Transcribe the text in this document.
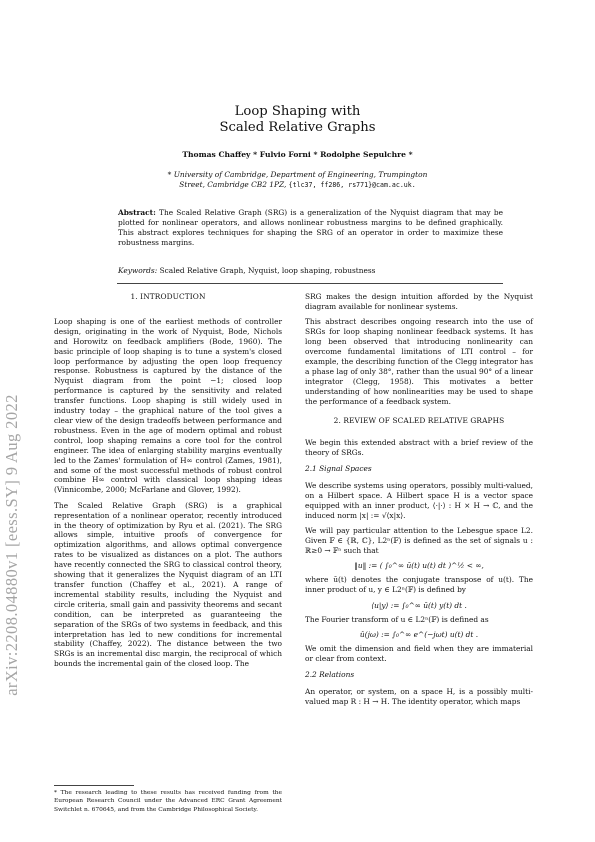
arXiv:2208.04880v1 [eess.SY] 9 Aug 2022
Loop Shaping with
Scaled Relative Graphs
Thomas Chaffey * Fulvio Forni * Rodolphe Sepulchre *
* University of Cambridge, Department of Engineering, Trumpington
Street, Cambridge CB2 1PZ, {tlc37, ff286, rs771}@cam.ac.uk.
Abstract: The Scaled Relative Graph (SRG) is a generalization of the Nyquist diagram that may be plotted for nonlinear operators, and allows nonlinear robustness margins to be defined graphically. This abstract explores techniques for shaping the SRG of an operator in order to maximize these robustness margins.
Keywords: Scaled Relative Graph, Nyquist, loop shaping, robustness
1. INTRODUCTION

Loop shaping is one of the earliest methods of controller design, originating in the work of Nyquist, Bode, Nichols and Horowitz on feedback amplifiers (Bode, 1960). The basic principle of loop shaping is to tune a system's closed loop performance by adjusting the open loop frequency response. Robustness is captured by the distance of the Nyquist diagram from the point −1; closed loop performance is captured by the sensitivity and related transfer functions. Loop shaping is still widely used in industry today – the graphical nature of the tool gives a clear view of the design tradeoffs between performance and robustness. Even in the age of modern optimal and robust control, loop shaping remains a core tool for the control engineer. The idea of enlarging stability margins eventually led to the Zames' formulation of H∞ control (Zames, 1981), and some of the most successful methods of robust control combine H∞ control with classical loop shaping ideas (Vinnicombe, 2000; McFarlane and Glover, 1992).

The Scaled Relative Graph (SRG) is a graphical representation of a nonlinear operator, recently introduced in the theory of optimization by Ryu et al. (2021). The SRG allows simple, intuitive proofs of convergence for optimization algorithms, and allows optimal convergence rates to be visualized as distances on a plot. The authors have recently connected the SRG to classical control theory, showing that it generalizes the Nyquist diagram of an LTI transfer function (Chaffey et al., 2021). A range of incremental stability results, including the Nyquist and circle criteria, small gain and passivity theorems and secant condition, can be interpreted as guaranteeing the separation of the SRGs of two systems in feedback, and this interpretation has led to new conditions for incremental stability (Chaffey, 2022). The distance between the two SRGs is an incremental disc margin, the reciprocal of which bounds the incremental gain of the closed loop. The

* The research leading to these results has received funding from the European Research Council under the Advanced ERC Grant Agreement Switchlet n. 670645, and from the Cambridge Philosophical Society.

SRG makes the design intuition afforded by the Nyquist diagram available for nonlinear systems.

This abstract describes ongoing research into the use of SRGs for loop shaping nonlinear feedback systems. It has long been observed that introducing nonlinearity can overcome fundamental limitations of LTI control – for example, the describing function of the Clegg integrator has a phase lag of only 38°, rather than the usual 90° of a linear integrator (Clegg, 1958). This motivates a better understanding of how nonlinearities may be used to shape the performance of a feedback system.

2. REVIEW OF SCALED RELATIVE GRAPHS

We begin this extended abstract with a brief review of the theory of SRGs.

2.1 Signal Spaces

We describe systems using operators, possibly multi-valued, on a Hilbert space. A Hilbert space H is a vector space equipped with an inner product, ⟨·|·⟩ : H × H → ℂ, and the induced norm |x| := √⟨x|x⟩.

We will pay particular attention to the Lebesgue space L2. Given 𝔽 ∈ {ℝ, ℂ}, L2ⁿ(𝔽) is defined as the set of signals u : ℝ≥0 → 𝔽ⁿ such that

‖u‖ := ( ∫₀^∞ ū(t) u(t) dt )^½ < ∞,

where ū(t) denotes the conjugate transpose of u(t). The inner product of u, y ∈ L2ⁿ(𝔽) is defined by

⟨u|y⟩ := ∫₀^∞ ū(t) y(t) dt .

The Fourier transform of u ∈ L2ⁿ(𝔽) is defined as

û(jω) := ∫₀^∞ e^(−jωt) u(t) dt .

We omit the dimension and field when they are immaterial or clear from context.

2.2 Relations

An operator, or system, on a space H, is a possibly multi-valued map R : H → H. The identity operator, which maps
